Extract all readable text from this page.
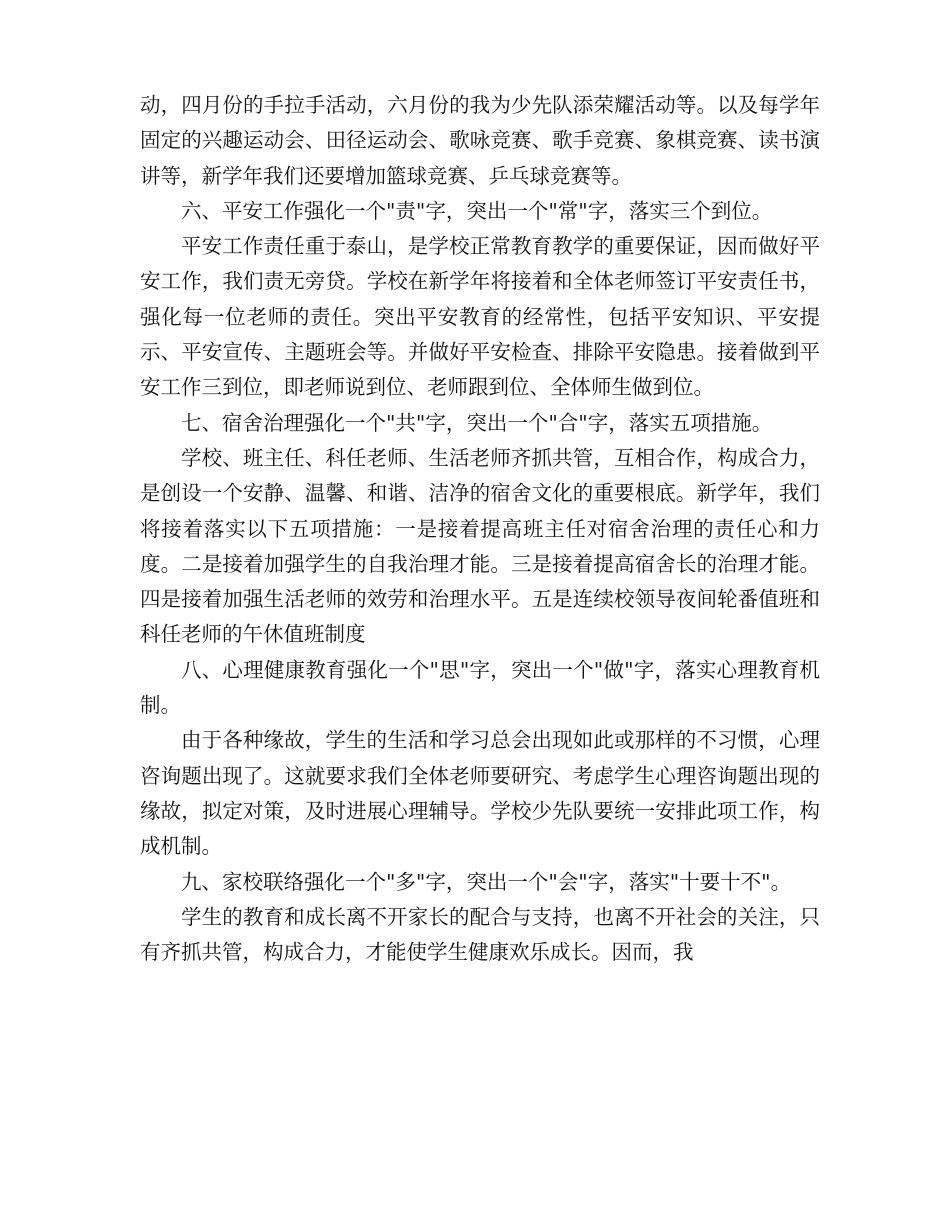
动，四月份的手拉手活动，六月份的我为少先队添荣耀活动等。以及每学年固定的兴趣运动会、田径运动会、歌咏竞赛、歌手竞赛、象棋竞赛、读书演讲等，新学年我们还要增加篮球竞赛、乒乓球竞赛等。

六、平安工作强化一个"责"字，突出一个"常"字，落实三个到位。

平安工作责任重于泰山，是学校正常教育教学的重要保证，因而做好平安工作，我们责无旁贷。学校在新学年将接着和全体老师签订平安责任书，强化每一位老师的责任。突出平安教育的经常性，包括平安知识、平安提示、平安宣传、主题班会等。并做好平安检查、排除平安隐患。接着做到平安工作三到位，即老师说到位、老师跟到位、全体师生做到位。

七、宿舍治理强化一个"共"字，突出一个"合"字，落实五项措施。

学校、班主任、科任老师、生活老师齐抓共管，互相合作，构成合力，是创设一个安静、温馨、和谐、洁净的宿舍文化的重要根底。新学年，我们将接着落实以下五项措施：一是接着提高班主任对宿舍治理的责任心和力度。二是接着加强学生的自我治理才能。三是接着提高宿舍长的治理才能。四是接着加强生活老师的效劳和治理水平。五是连续校领导夜间轮番值班和科任老师的午休值班制度

八、心理健康教育强化一个"思"字，突出一个"做"字，落实心理教育机制。

由于各种缘故，学生的生活和学习总会出现如此或那样的不习惯，心理咨询题出现了。这就要求我们全体老师要研究、考虑学生心理咨询题出现的缘故，拟定对策，及时进展心理辅导。学校少先队要统一安排此项工作，构成机制。

九、家校联络强化一个"多"字，突出一个"会"字，落实"十要十不"。

学生的教育和成长离不开家长的配合与支持，也离不开社会的关注，只有齐抓共管，构成合力，才能使学生健康欢乐成长。因而，我
